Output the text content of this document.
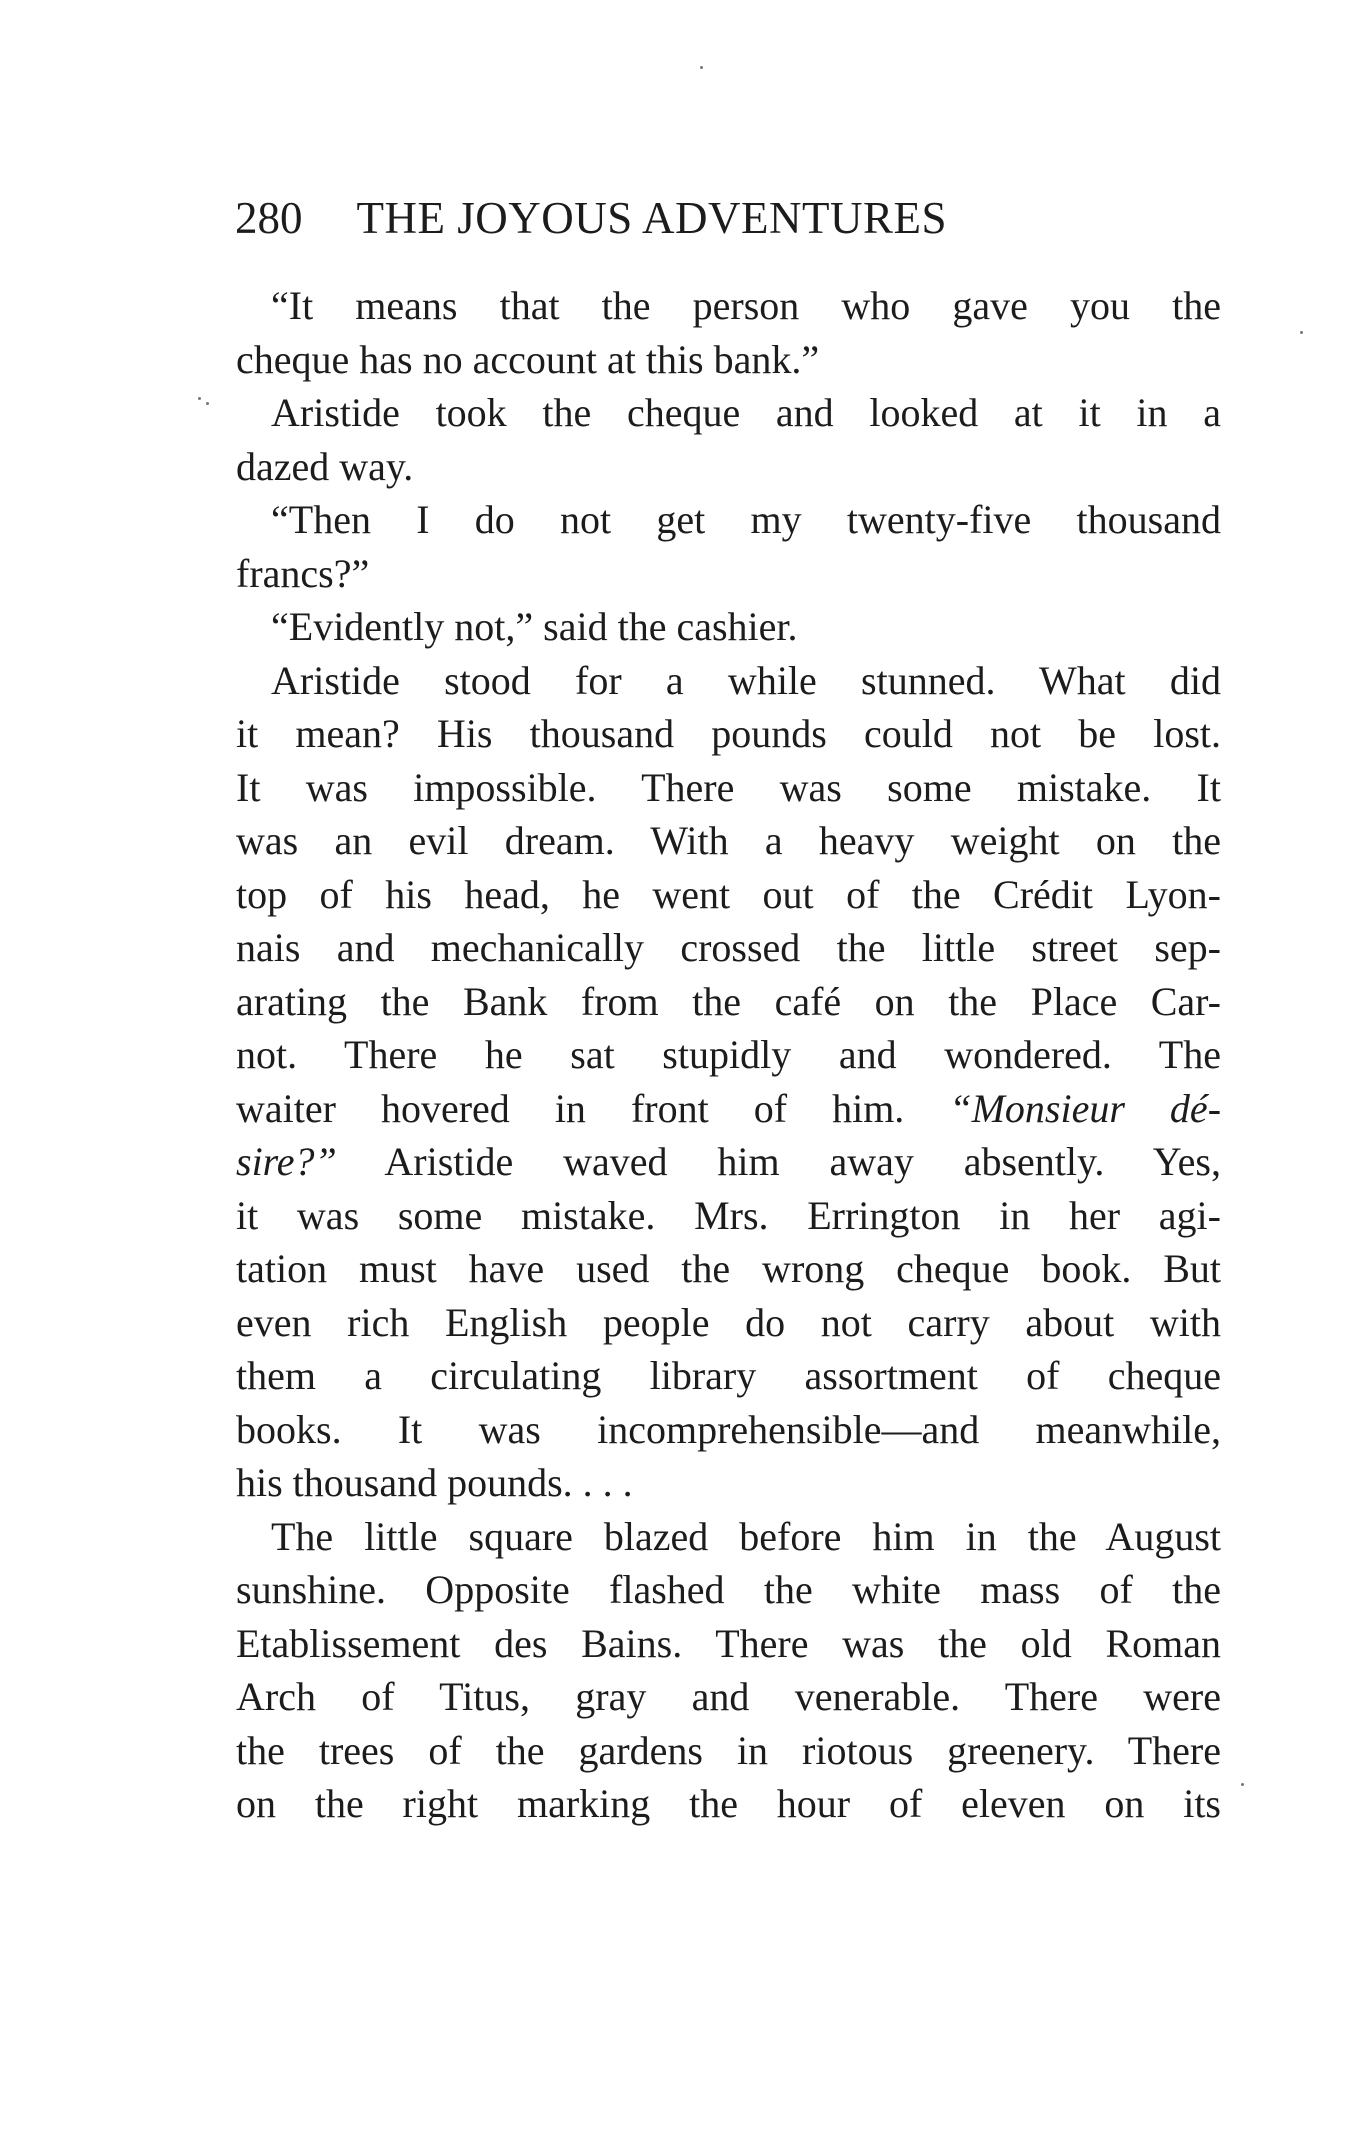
280 THE JOYOUS ADVENTURES
“It means that the person who gave you the
cheque has no account at this bank.”
Aristide took the cheque and looked at it in a
dazed way.
“Then I do not get my twenty-five thousand
francs?”
“Evidently not,” said the cashier.
Aristide stood for a while stunned. What did
it mean? His thousand pounds could not be lost.
It was impossible. There was some mistake. It
was an evil dream. With a heavy weight on the
top of his head, he went out of the Crédit Lyon-
nais and mechanically crossed the little street sep-
arating the Bank from the café on the Place Car-
not. There he sat stupidly and wondered. The
waiter hovered in front of him. “Monsieur dé-
sire?” Aristide waved him away absently. Yes,
it was some mistake. Mrs. Errington in her agi-
tation must have used the wrong cheque book. But
even rich English people do not carry about with
them a circulating library assortment of cheque
books. It was incomprehensible—and meanwhile,
his thousand pounds. . . .
The little square blazed before him in the August
sunshine. Opposite flashed the white mass of the
Etablissement des Bains. There was the old Roman
Arch of Titus, gray and venerable. There were
the trees of the gardens in riotous greenery. There
on the right marking the hour of eleven on its
